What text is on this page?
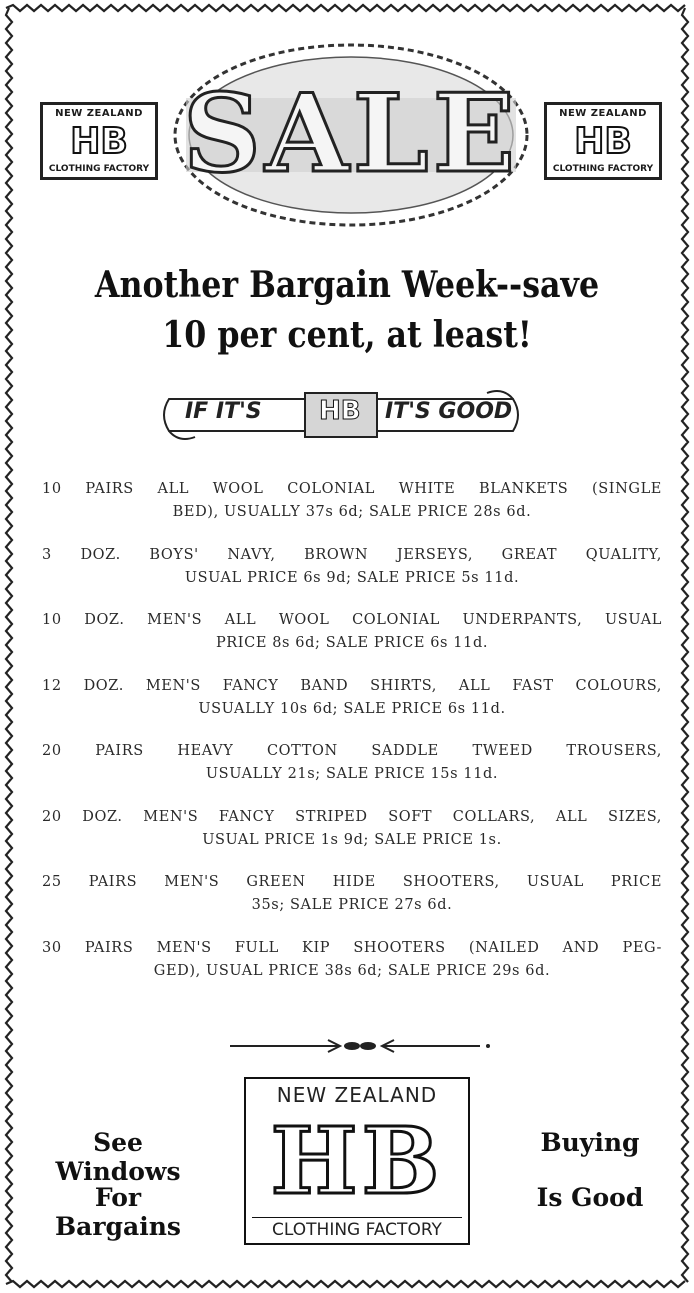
SALE
NEW ZEALAND
HB
CLOTHING FACTORY
NEW ZEALAND
HB
CLOTHING FACTORY
Another Bargain Week--save
10 per cent, at least!
IF IT'S HB IT'S GOOD
10 PAIRS ALL WOOL COLONIAL WHITE BLANKETS (SINGLE
BED), USUALLY 37s 6d; SALE PRICE 28s 6d.
3 DOZ. BOYS' NAVY, BROWN JERSEYS, GREAT QUALITY,
USUAL PRICE 6s 9d; SALE PRICE 5s 11d.
10 DOZ. MEN'S ALL WOOL COLONIAL UNDERPANTS, USUAL
PRICE 8s 6d; SALE PRICE 6s 11d.
12 DOZ. MEN'S FANCY BAND SHIRTS, ALL FAST COLOURS,
USUALLY 10s 6d; SALE PRICE 6s 11d.
20 PAIRS HEAVY COTTON SADDLE TWEED TROUSERS,
USUALLY 21s; SALE PRICE 15s 11d.
20 DOZ. MEN'S FANCY STRIPED SOFT COLLARS, ALL SIZES,
USUAL PRICE 1s 9d; SALE PRICE 1s.
25 PAIRS MEN'S GREEN HIDE SHOOTERS, USUAL PRICE
35s; SALE PRICE 27s 6d.
30 PAIRS MEN'S FULL KIP SHOOTERS (NAILED AND PEG-
GED), USUAL PRICE 38s 6d; SALE PRICE 29s 6d.
See Windows
For Bargains
Buying
Is Good
NEW ZEALAND
HB
CLOTHING FACTORY
